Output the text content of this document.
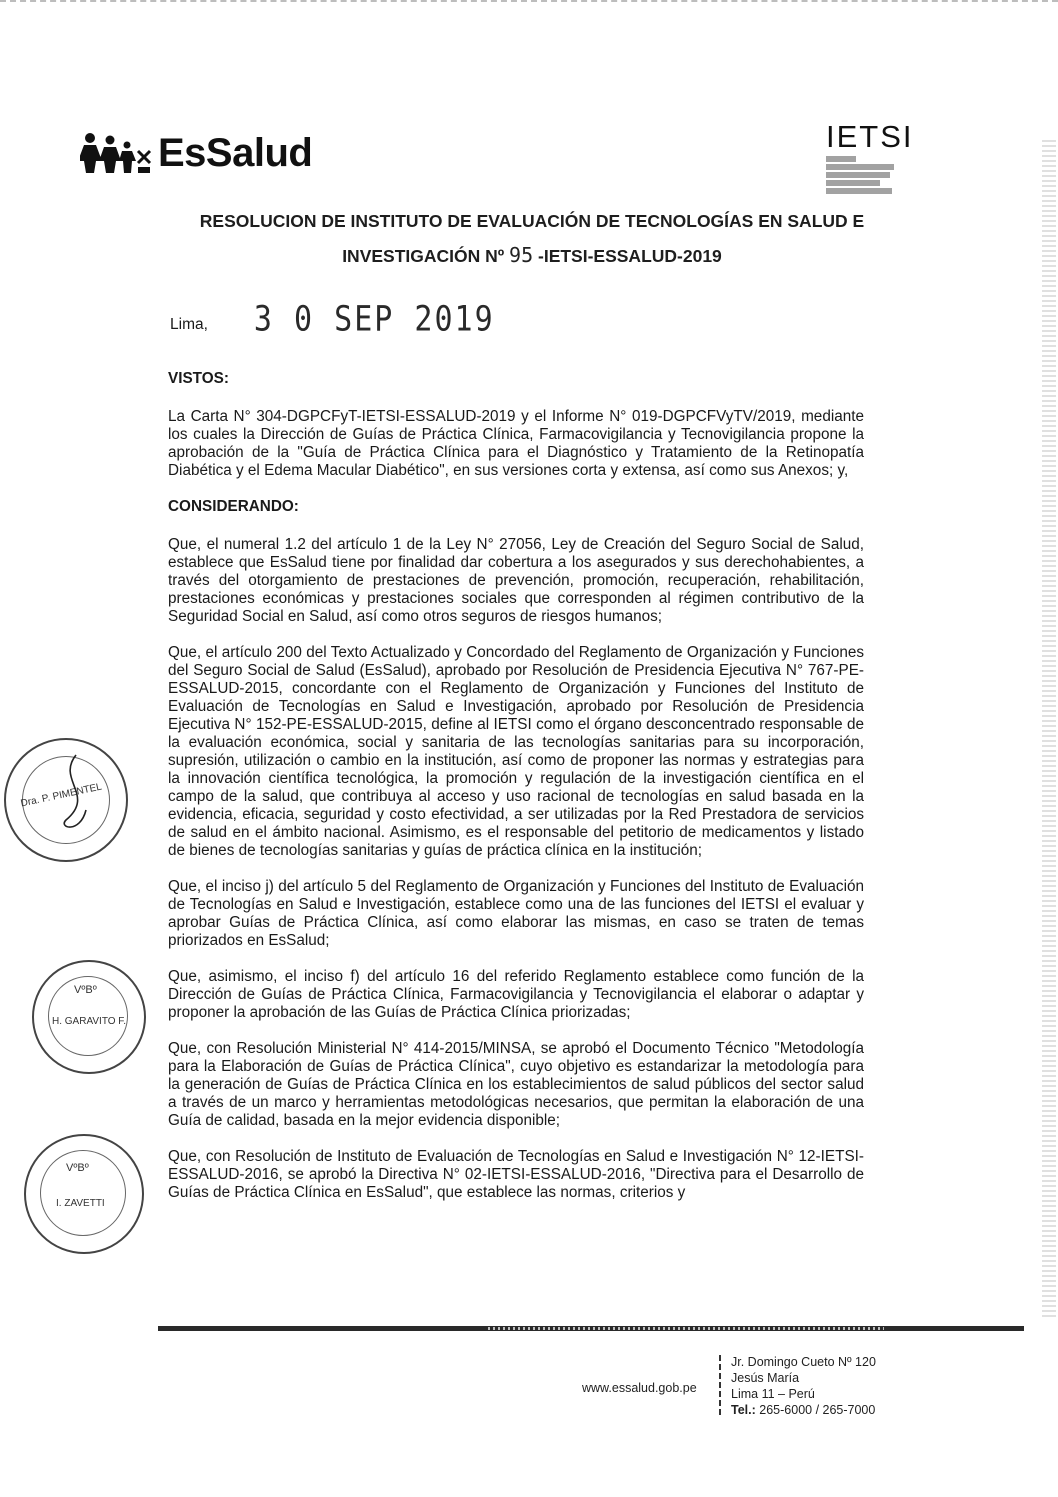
EsSalud	IETSI
RESOLUCION DE INSTITUTO DE EVALUACIÓN DE TECNOLOGÍAS EN SALUD E
INVESTIGACIÓN Nº 95 -IETSI-ESSALUD-2019
Lima, 3 0 SEP 2019

VISTOS:

La Carta N° 304-DGPCFyT-IETSI-ESSALUD-2019 y el Informe N° 019-DGPCFVyTV/2019, mediante los cuales la Dirección de Guías de Práctica Clínica, Farmacovigilancia y Tecnovigilancia propone la aprobación de la "Guía de Práctica Clínica para el Diagnóstico y Tratamiento de la Retinopatía Diabética y el Edema Macular Diabético", en sus versiones corta y extensa, así como sus Anexos; y,

CONSIDERANDO:

Que, el numeral 1.2 del artículo 1 de la Ley N° 27056, Ley de Creación del Seguro Social de Salud, establece que EsSalud tiene por finalidad dar cobertura a los asegurados y sus derechohabientes, a través del otorgamiento de prestaciones de prevención, promoción, recuperación, rehabilitación, prestaciones económicas y prestaciones sociales que corresponden al régimen contributivo de la Seguridad Social en Salud, así como otros seguros de riesgos humanos;

Que, el artículo 200 del Texto Actualizado y Concordado del Reglamento de Organización y Funciones del Seguro Social de Salud (EsSalud), aprobado por Resolución de Presidencia Ejecutiva N° 767-PE-ESSALUD-2015, concordante con el Reglamento de Organización y Funciones del Instituto de Evaluación de Tecnologías en Salud e Investigación, aprobado por Resolución de Presidencia Ejecutiva N° 152-PE-ESSALUD-2015, define al IETSI como el órgano desconcentrado responsable de la evaluación económica, social y sanitaria de las tecnologías sanitarias para su incorporación, supresión, utilización o cambio en la institución, así como de proponer las normas y estrategias para la innovación científica tecnológica, la promoción y regulación de la investigación científica en el campo de la salud, que contribuya al acceso y uso racional de tecnologías en salud basada en la evidencia, eficacia, seguridad y costo efectividad, a ser utilizadas por la Red Prestadora de servicios de salud en el ámbito nacional. Asimismo, es el responsable del petitorio de medicamentos y listado de bienes de tecnologías sanitarias y guías de práctica clínica en la institución;

Que, el inciso j) del artículo 5 del Reglamento de Organización y Funciones del Instituto de Evaluación de Tecnologías en Salud e Investigación, establece como una de las funciones del IETSI el evaluar y aprobar Guías de Práctica Clínica, así como elaborar las mismas, en caso se traten de temas priorizados en EsSalud;

Que, asimismo, el inciso f) del artículo 16 del referido Reglamento establece como función de la Dirección de Guías de Práctica Clínica, Farmacovigilancia y Tecnovigilancia el elaborar o adaptar y proponer la aprobación de las Guías de Práctica Clínica priorizadas;

Que, con Resolución Ministerial N° 414-2015/MINSA, se aprobó el Documento Técnico "Metodología para la Elaboración de Guías de Práctica Clínica", cuyo objetivo es estandarizar la metodología para la generación de Guías de Práctica Clínica en los establecimientos de salud públicos del sector salud a través de un marco y herramientas metodológicas necesarios, que permitan la elaboración de una Guía de calidad, basada en la mejor evidencia disponible;

Que, con Resolución de Instituto de Evaluación de Tecnologías en Salud e Investigación N° 12-IETSI-ESSALUD-2016, se aprobó la Directiva N° 02-IETSI-ESSALUD-2016, "Directiva para el Desarrollo de Guías de Práctica Clínica en EsSalud", que establece las normas, criterios y

Dra. P. PIMENTEL
VºBº
H. GARAVITO F.
VºBº
I. ZAVETTI
www.essalud.gob.pe
Jr. Domingo Cueto Nº 120
Jesús María
Lima 11 – Perú
Tel.: 265-6000 / 265-7000
